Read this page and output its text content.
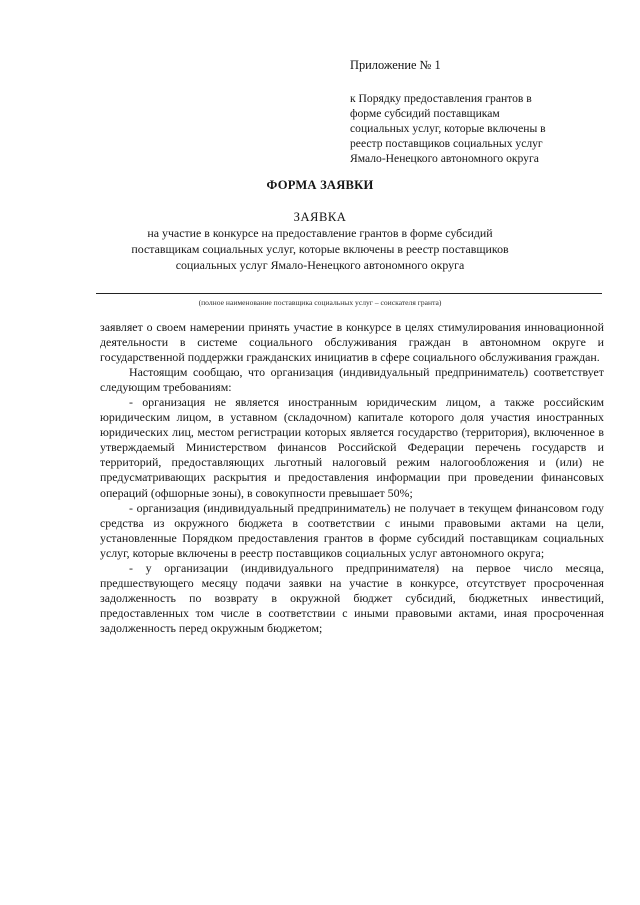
Приложение № 1

к Порядку предоставления грантов в
форме субсидий поставщикам
социальных услуг, которые включены в
реестр поставщиков социальных услуг
Ямало-Ненецкого автономного округа
ФОРМА ЗАЯВКИ
ЗАЯВКА
на участие в конкурсе на предоставление грантов в форме субсидий
поставщикам социальных услуг, которые включены в реестр поставщиков
социальных услуг Ямало-Ненецкого автономного округа
(полное наименование поставщика социальных услуг – соискателя гранта)

заявляет о своем намерении принять участие в конкурсе в целях стимулирования инновационной деятельности в системе социального обслуживания граждан в автономном округе и государственной поддержки гражданских инициатив в сфере социального обслуживания граждан.

Настоящим сообщаю, что организация (индивидуальный предприниматель) соответствует следующим требованиям:

- организация не является иностранным юридическим лицом, а также российским юридическим лицом, в уставном (складочном) капитале которого доля участия иностранных юридических лиц, местом регистрации которых является государство (территория), включенное в утверждаемый Министерством финансов Российской Федерации перечень государств и территорий, предоставляющих льготный налоговый режим налогообложения и (или) не предусматривающих раскрытия и предоставления информации при проведении финансовых операций (офшорные зоны), в совокупности превышает 50%;

- организация (индивидуальный предприниматель) не получает в текущем финансовом году средства из окружного бюджета в соответствии с иными правовыми актами на цели, установленные Порядком предоставления грантов в форме субсидий поставщикам социальных услуг, которые включены в реестр поставщиков социальных услуг автономного округа;

- у организации (индивидуального предпринимателя) на первое число месяца, предшествующего месяцу подачи заявки на участие в конкурсе, отсутствует просроченная задолженность по возврату в окружной бюджет субсидий, бюджетных инвестиций, предоставленных том числе в соответствии с иными правовыми актами, иная просроченная задолженность перед окружным бюджетом;
